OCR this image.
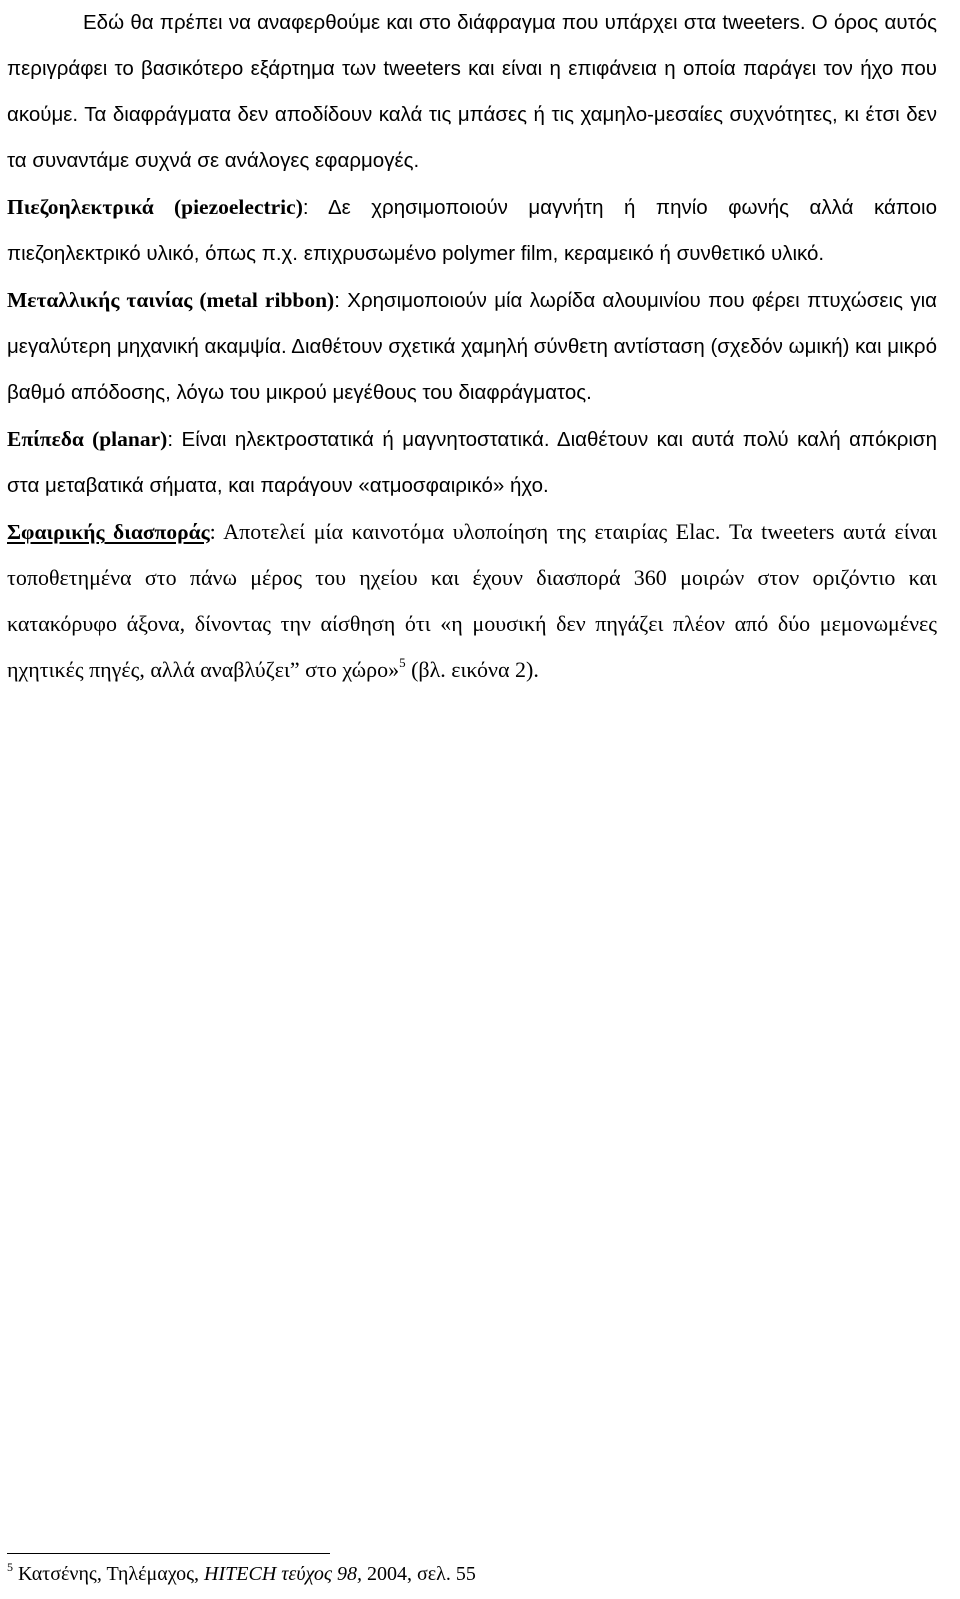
Εδώ θα πρέπει να αναφερθούμε και στο διάφραγμα που υπάρχει στα tweeters. Ο όρος αυτός περιγράφει το βασικότερο εξάρτημα των tweeters και είναι η επιφάνεια η οποία παράγει τον ήχο που ακούμε. Τα διαφράγματα δεν αποδίδουν καλά τις μπάσες ή τις χαμηλο-μεσαίες συχνότητες, κι έτσι δεν τα συναντάμε συχνά σε ανάλογες εφαρμογές.

Πιεζοηλεκτρικά (piezoelectric): Δε χρησιμοποιούν μαγνήτη ή πηνίο φωνής αλλά κάποιο πιεζοηλεκτρικό υλικό, όπως π.χ. επιχρυσωμένο polymer film, κεραμεικό ή συνθετικό υλικό.

Μεταλλικής ταινίας (metal ribbon): Χρησιμοποιούν μία λωρίδα αλουμινίου που φέρει πτυχώσεις για μεγαλύτερη μηχανική ακαμψία. Διαθέτουν σχετικά χαμηλή σύνθετη αντίσταση (σχεδόν ωμική) και μικρό βαθμό απόδοσης, λόγω του μικρού μεγέθους του διαφράγματος.

Επίπεδα (planar): Είναι ηλεκτροστατικά ή μαγνητοστατικά. Διαθέτουν και αυτά πολύ καλή απόκριση στα μεταβατικά σήματα, και παράγουν «ατμοσφαιρικό» ήχο.

Σφαιρικής διασποράς: Αποτελεί μία καινοτόμα υλοποίηση της εταιρίας Elac. Τα tweeters αυτά είναι τοποθετημένα στο πάνω μέρος του ηχείου και έχουν διασπορά 360 μοιρών στον οριζόντιο και κατακόρυφο άξονα, δίνοντας την αίσθηση ότι «η μουσική δεν πηγάζει πλέον από δύο μεμονωμένες ηχητικές πηγές, αλλά αναβλύζει” στο χώρο»$^5$ (βλ. εικόνα 2).

$^5$ Κατσένης, Τηλέμαχος, HITECH τεύχος 98, 2004, σελ. 55
